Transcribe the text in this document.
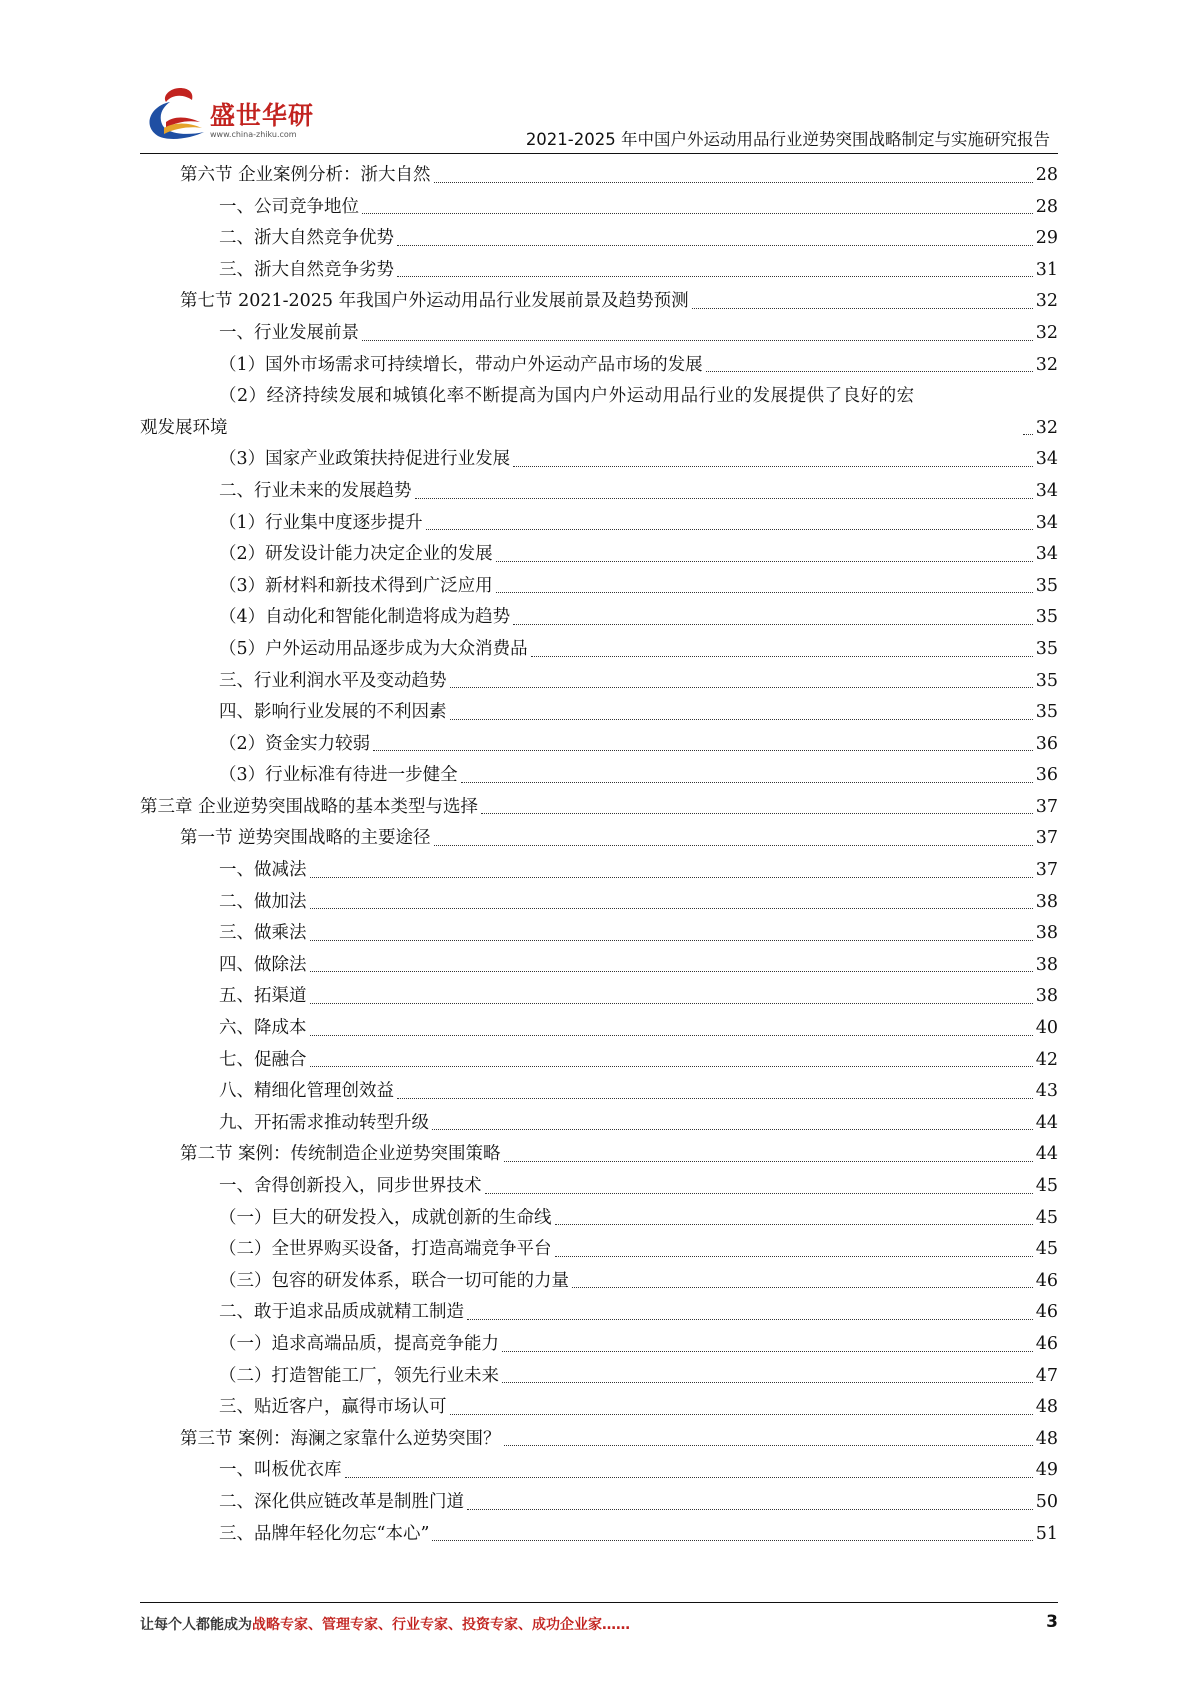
盛世华研
www.china-zhiku.com	2021-2025 年中国户外运动用品行业逆势突围战略制定与实施研究报告
第六节 企业案例分析：浙大自然	28
一、公司竞争地位	28
二、浙大自然竞争优势	29
三、浙大自然竞争劣势	31
第七节 2021-2025 年我国户外运动用品行业发展前景及趋势预测	32
一、行业发展前景	32
（1）国外市场需求可持续增长，带动户外运动产品市场的发展	32
（2）经济持续发展和城镇化率不断提高为国内户外运动用品行业的发展提供了良好的宏
观发展环境	32
（3）国家产业政策扶持促进行业发展	34
二、行业未来的发展趋势	34
（1）行业集中度逐步提升	34
（2）研发设计能力决定企业的发展	34
（3）新材料和新技术得到广泛应用	35
（4）自动化和智能化制造将成为趋势	35
（5）户外运动用品逐步成为大众消费品	35
三、行业利润水平及变动趋势	35
四、影响行业发展的不利因素	35
（2）资金实力较弱	36
（3）行业标准有待进一步健全	36
第三章 企业逆势突围战略的基本类型与选择	37
第一节 逆势突围战略的主要途径	37
一、做减法	37
二、做加法	38
三、做乘法	38
四、做除法	38
五、拓渠道	38
六、降成本	40
七、促融合	42
八、精细化管理创效益	43
九、开拓需求推动转型升级	44
第二节 案例：传统制造企业逆势突围策略	44
一、舍得创新投入，同步世界技术	45
（一）巨大的研发投入，成就创新的生命线	45
（二）全世界购买设备，打造高端竞争平台	45
（三）包容的研发体系，联合一切可能的力量	46
二、敢于追求品质成就精工制造	46
（一）追求高端品质，提高竞争能力	46
（二）打造智能工厂，领先行业未来	47
三、贴近客户，赢得市场认可	48
第三节 案例：海澜之家靠什么逆势突围？	48
一、叫板优衣库	49
二、深化供应链改革是制胜门道	50
三、品牌年轻化勿忘“本心”	51
让每个人都能成为战略专家、管理专家、行业专家、投资专家、成功企业家……	3
